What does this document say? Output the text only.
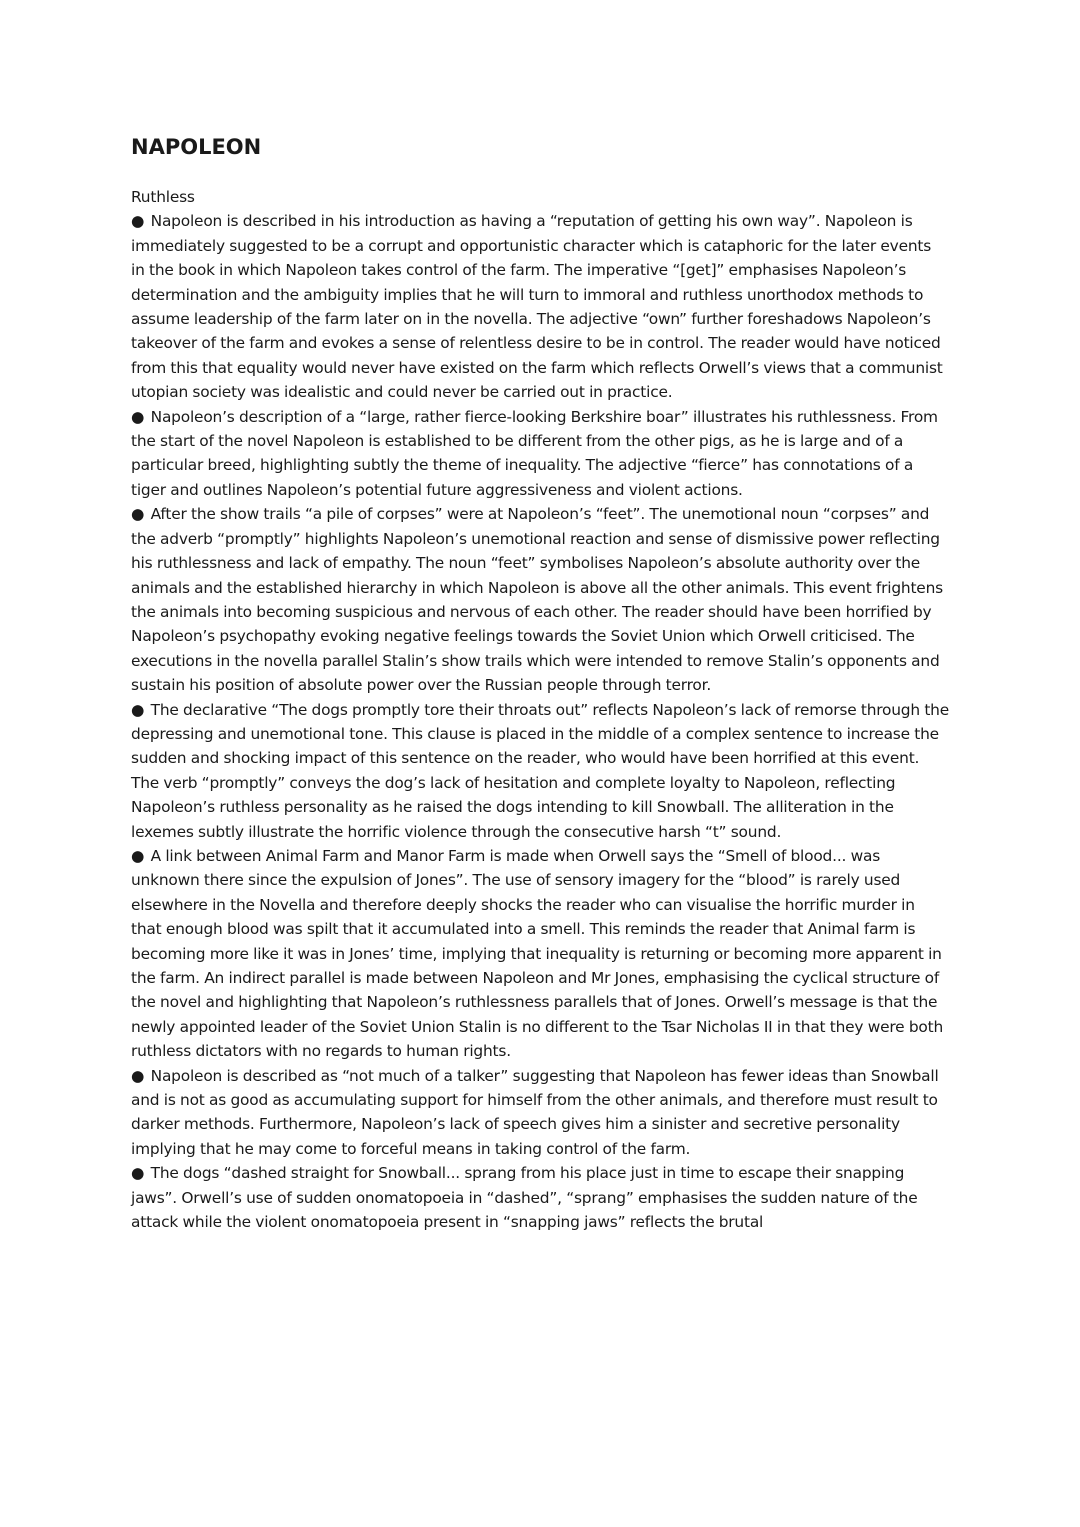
NAPOLEON

Ruthless

● Napoleon is described in his introduction as having a “reputation of getting his own way”. Napoleon is immediately suggested to be a corrupt and opportunistic character which is cataphoric for the later events in the book in which Napoleon takes control of the farm. The imperative “[get]” emphasises Napoleon’s determination and the ambiguity implies that he will turn to immoral and ruthless unorthodox methods to assume leadership of the farm later on in the novella. The adjective “own” further foreshadows Napoleon’s takeover of the farm and evokes a sense of relentless desire to be in control. The reader would have noticed from this that equality would never have existed on the farm which reflects Orwell’s views that a communist utopian society was idealistic and could never be carried out in practice.

● Napoleon’s description of a “large, rather fierce-looking Berkshire boar” illustrates his ruthlessness. From the start of the novel Napoleon is established to be different from the other pigs, as he is large and of a particular breed, highlighting subtly the theme of inequality. The adjective “fierce” has connotations of a tiger and outlines Napoleon’s potential future aggressiveness and violent actions.

● After the show trails “a pile of corpses” were at Napoleon’s “feet”. The unemotional noun “corpses” and the adverb “promptly” highlights Napoleon’s unemotional reaction and sense of dismissive power reflecting his ruthlessness and lack of empathy. The noun “feet” symbolises Napoleon’s absolute authority over the animals and the established hierarchy in which Napoleon is above all the other animals. This event frightens the animals into becoming suspicious and nervous of each other. The reader should have been horrified by Napoleon’s psychopathy evoking negative feelings towards the Soviet Union which Orwell criticised. The executions in the novella parallel Stalin’s show trails which were intended to remove Stalin’s opponents and sustain his position of absolute power over the Russian people through terror.

● The declarative “The dogs promptly tore their throats out” reflects Napoleon’s lack of remorse through the depressing and unemotional tone. This clause is placed in the middle of a complex sentence to increase the sudden and shocking impact of this sentence on the reader, who would have been horrified at this event. The verb “promptly” conveys the dog’s lack of hesitation and complete loyalty to Napoleon, reflecting Napoleon’s ruthless personality as he raised the dogs intending to kill Snowball. The alliteration in the lexemes subtly illustrate the horrific violence through the consecutive harsh “t” sound.

● A link between Animal Farm and Manor Farm is made when Orwell says the “Smell of blood... was unknown there since the expulsion of Jones”. The use of sensory imagery for the “blood” is rarely used elsewhere in the Novella and therefore deeply shocks the reader who can visualise the horrific murder in that enough blood was spilt that it accumulated into a smell. This reminds the reader that Animal farm is becoming more like it was in Jones’ time, implying that inequality is returning or becoming more apparent in the farm. An indirect parallel is made between Napoleon and Mr Jones, emphasising the cyclical structure of the novel and highlighting that Napoleon’s ruthlessness parallels that of Jones. Orwell’s message is that the newly appointed leader of the Soviet Union Stalin is no different to the Tsar Nicholas II in that they were both ruthless dictators with no regards to human rights.

● Napoleon is described as “not much of a talker” suggesting that Napoleon has fewer ideas than Snowball and is not as good as accumulating support for himself from the other animals, and therefore must result to darker methods. Furthermore, Napoleon’s lack of speech gives him a sinister and secretive personality implying that he may come to forceful means in taking control of the farm.

● The dogs “dashed straight for Snowball... sprang from his place just in time to escape their snapping jaws”. Orwell’s use of sudden onomatopoeia in “dashed”, “sprang” emphasises the sudden nature of the attack while the violent onomatopoeia present in “snapping jaws” reflects the brutal
